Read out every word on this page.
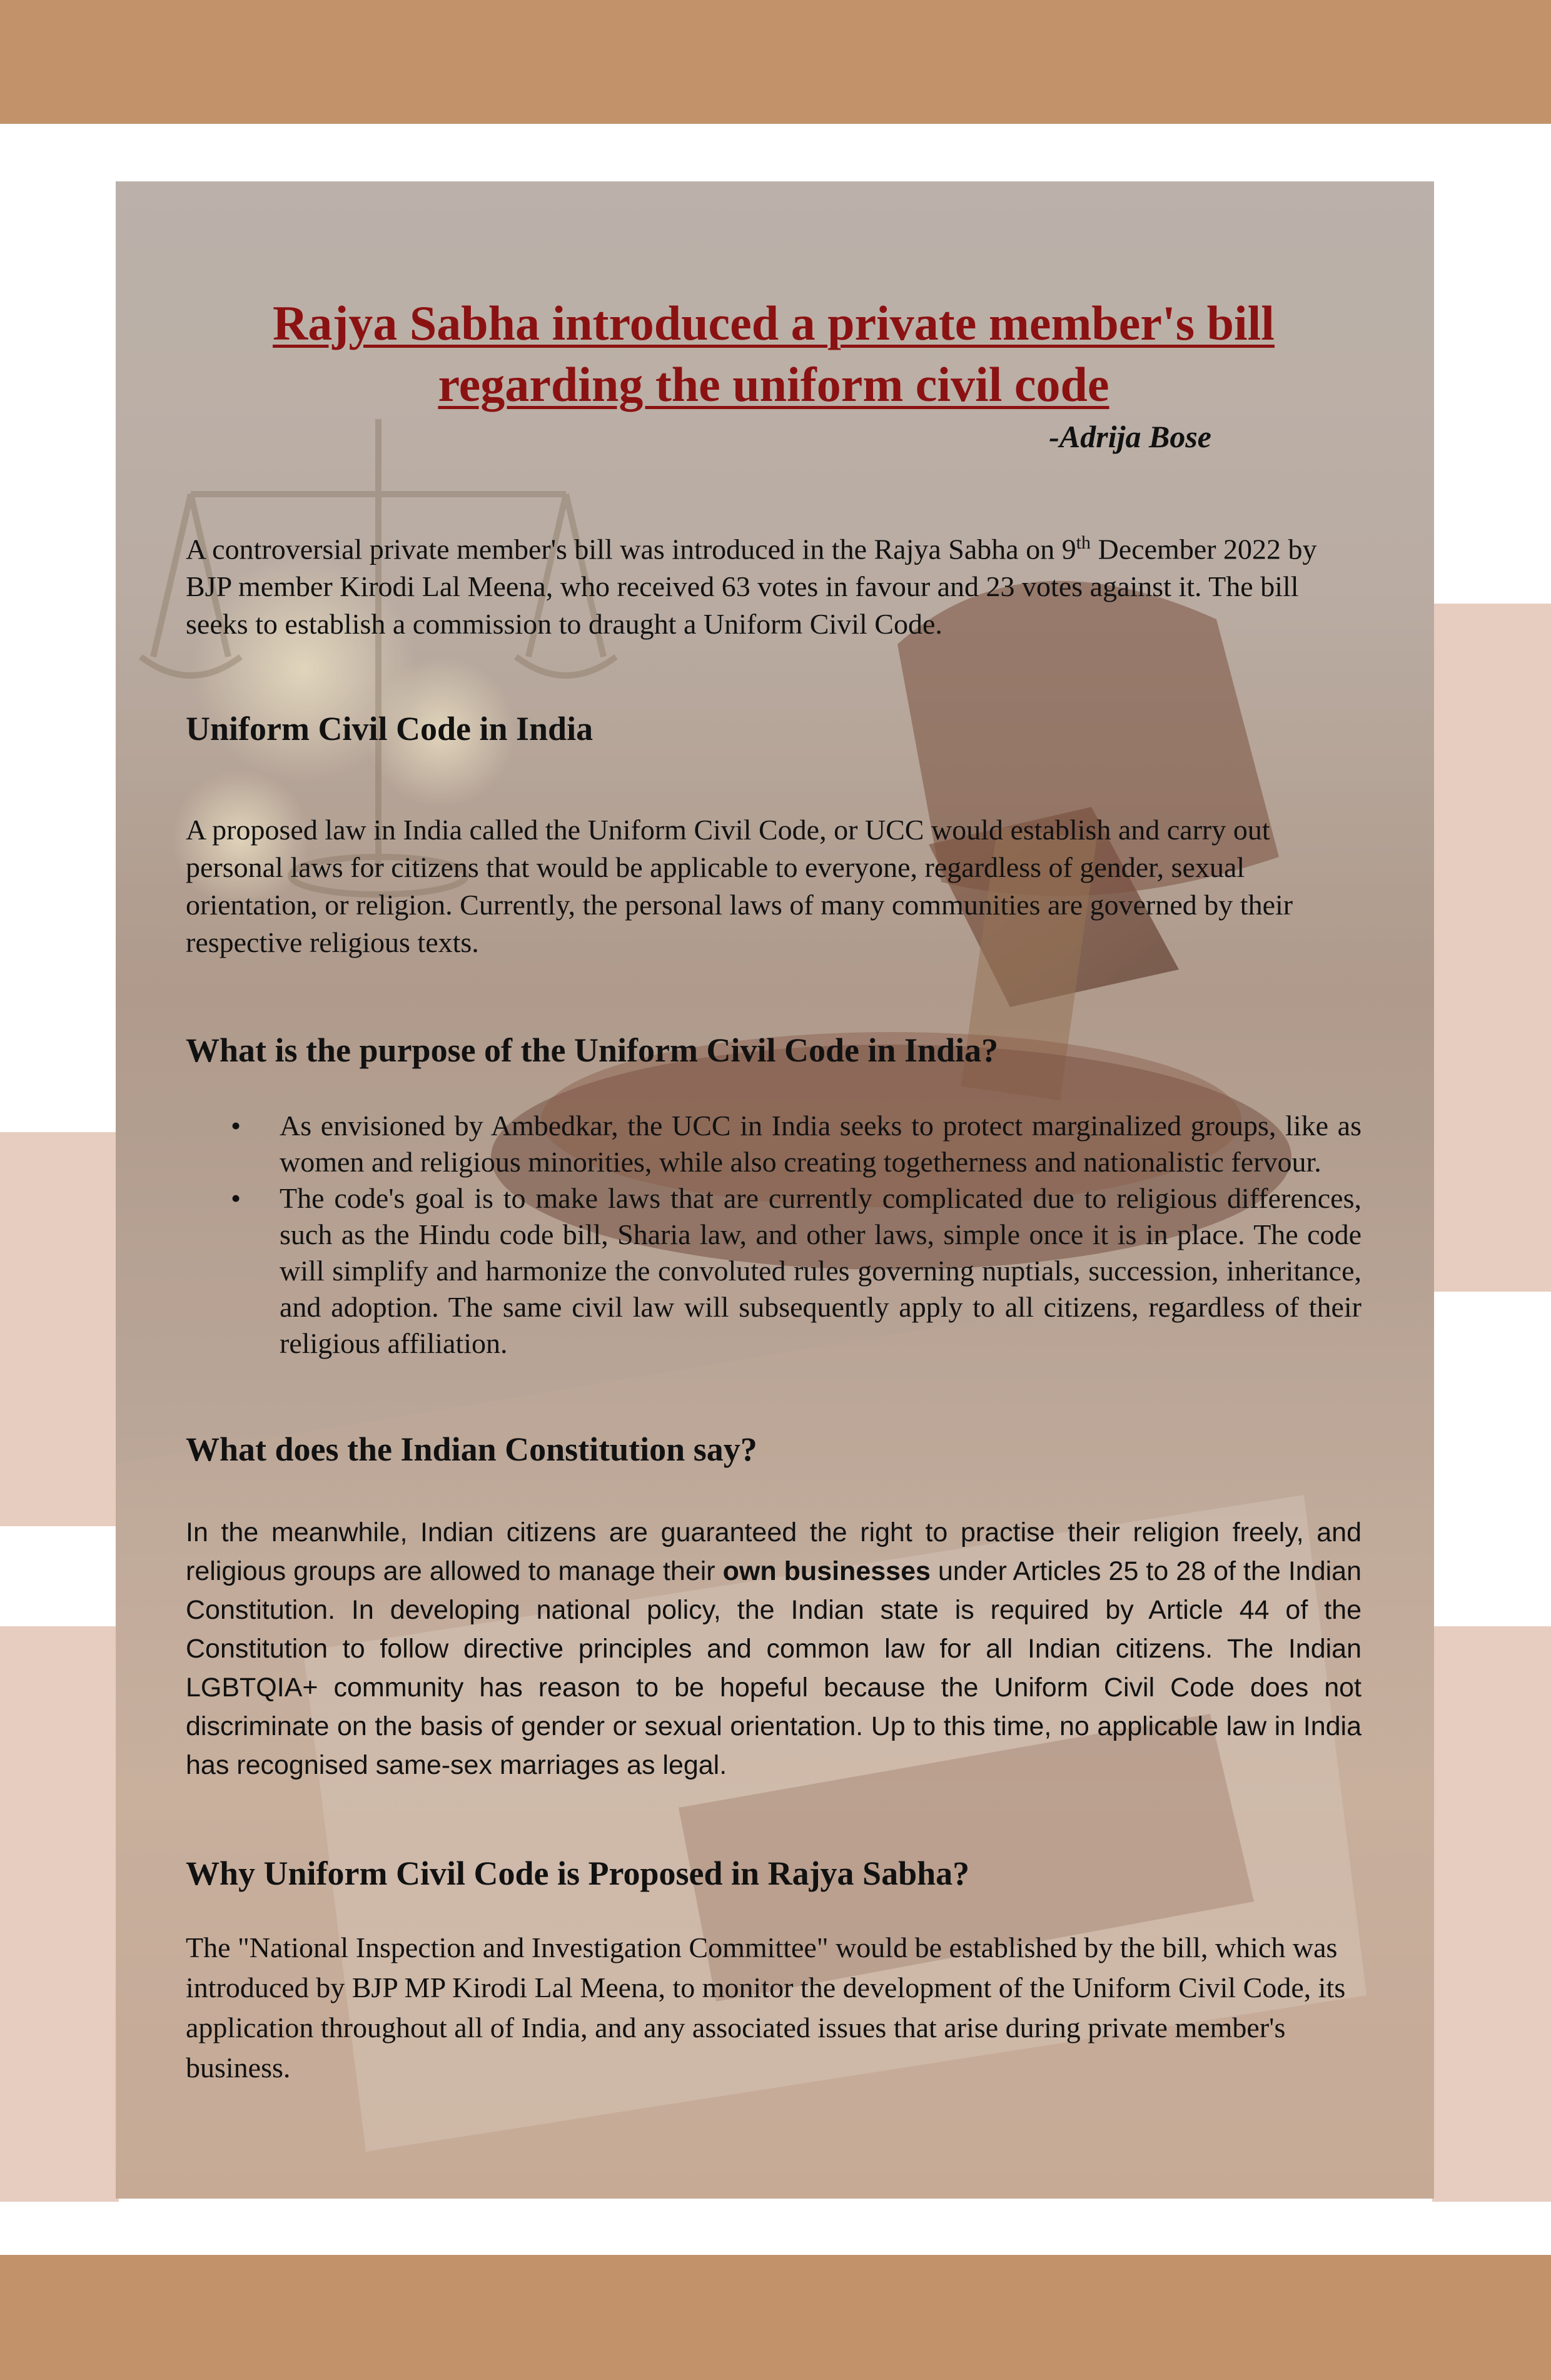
Rajya Sabha introduced a private member's bill regarding the uniform civil code
-Adrija Bose

A controversial private member's bill was introduced in the Rajya Sabha on 9th December 2022 by BJP member Kirodi Lal Meena, who received 63 votes in favour and 23 votes against it. The bill seeks to establish a commission to draught a Uniform Civil Code.

Uniform Civil Code in India

A proposed law in India called the Uniform Civil Code, or UCC would establish and carry out personal laws for citizens that would be applicable to everyone, regardless of gender, sexual orientation, or religion. Currently, the personal laws of many communities are governed by their respective religious texts.

What is the purpose of the Uniform Civil Code in India?
• As envisioned by Ambedkar, the UCC in India seeks to protect marginalized groups, like as women and religious minorities, while also creating togetherness and nationalistic fervour.
• The code's goal is to make laws that are currently complicated due to religious differences, such as the Hindu code bill, Sharia law, and other laws, simple once it is in place. The code will simplify and harmonize the convoluted rules governing nuptials, succession, inheritance, and adoption. The same civil law will subsequently apply to all citizens, regardless of their religious affiliation.
What does the Indian Constitution say?

In the meanwhile, Indian citizens are guaranteed the right to practise their religion freely, and religious groups are allowed to manage their own businesses under Articles 25 to 28 of the Indian Constitution. In developing national policy, the Indian state is required by Article 44 of the Constitution to follow directive principles and common law for all Indian citizens. The Indian LGBTQIA+ community has reason to be hopeful because the Uniform Civil Code does not discriminate on the basis of gender or sexual orientation. Up to this time, no applicable law in India has recognised same-sex marriages as legal.

Why Uniform Civil Code is Proposed in Rajya Sabha?

The "National Inspection and Investigation Committee" would be established by the bill, which was introduced by BJP MP Kirodi Lal Meena, to monitor the development of the Uniform Civil Code, its application throughout all of India, and any associated issues that arise during private member's business.
